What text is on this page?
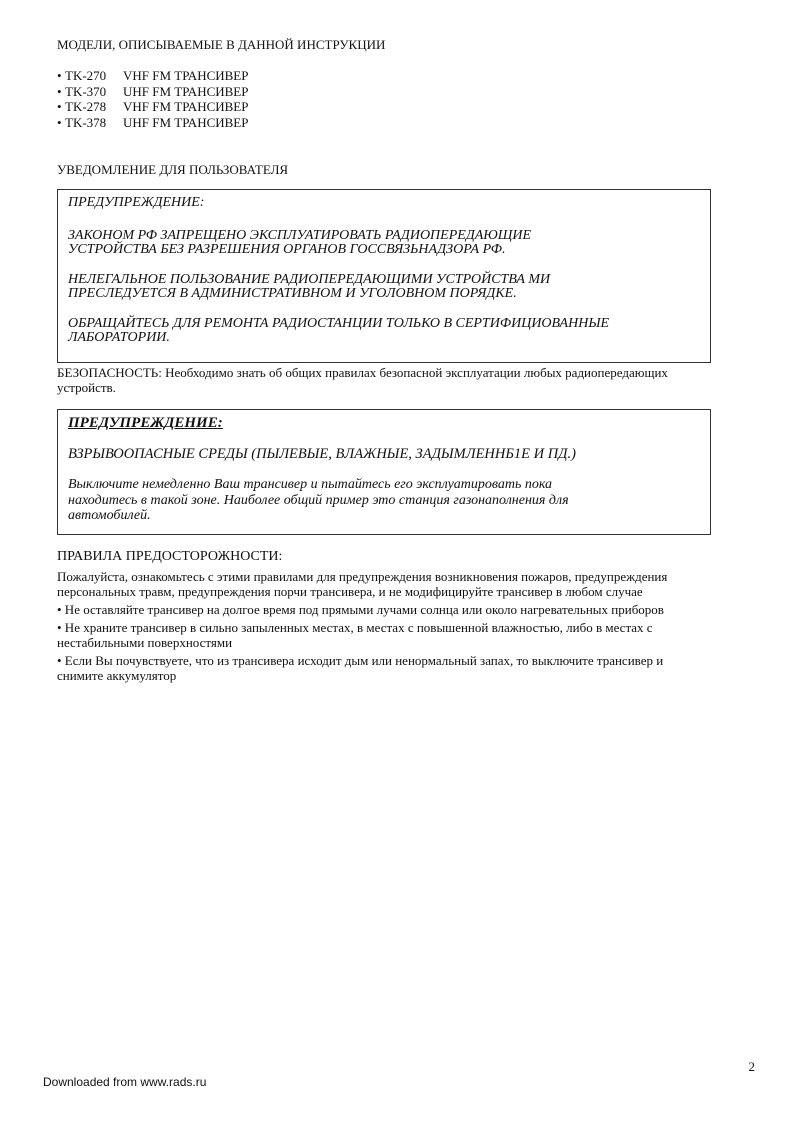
МОДЕЛИ, ОПИСЫВАЕМЫЕ В ДАННОЙ ИНСТРУКЦИИ
• TK-270	VHF FM ТРАНСИВЕР
• TK-370	UHF FM ТРАНСИВЕР
• TK-278	VHF FM ТРАНСИВЕР
• TK-378	UHF FM ТРАНСИВЕР
УВЕДОМЛЕНИЕ ДЛЯ ПОЛЬЗОВАТЕЛЯ

ПРЕДУПРЕЖДЕНИЕ:

ЗАКОНОМ РФ ЗАПРЕЩЕНО ЭКСПЛУАТИРОВАТЬ РАДИОПЕРЕДАЮЩИЕ

УСТРОЙСТВА БЕЗ РАЗРЕШЕНИЯ ОРГАНОВ ГОССВЯЗЬНАДЗОРА РФ.

НЕЛЕГАЛЬНОЕ ПОЛЬЗОВАНИЕ РАДИОПЕРЕДАЮЩИМИ УСТРОЙСТВА МИ

ПРЕСЛЕДУЕТСЯ В АДМИНИСТРАТИВНОМ И УГОЛОВНОМ ПОРЯДКЕ.

ОБРАЩАЙТЕСЬ ДЛЯ РЕМОНТА РАДИОСТАНЦИИ ТОЛЬКО В СЕРТИФИЦИОВАННЫЕ

ЛАБОРАТОРИИ.

БЕЗОПАСНОСТЬ: Необходимо знать об общих правилах безопасной эксплуатации любых радиопередающих
устройств.
ПРЕДУПРЕЖДЕНИЕ:
ВЗРЫВООПАСНЫЕ СРЕДЫ (ПЫЛЕВЫЕ, ВЛАЖНЫЕ, ЗАДЫМЛЕННБ1Е И ПД.)

Выключите немедленно Ваш трансивер и пытайтесь его эксплуатировать пока

находитесь в такой зоне. Наиболее общий пример это станция газонаполнения для

автомобилей.

ПРАВИЛА ПРЕДОСТОРОЖНОСТИ:

Пожалуйста, ознакомьтесь с этими правилами для предупреждения возникновения пожаров, предупреждения
персональных травм, предупреждения порчи трансивера, и не модифицируйте трансивер в любом случае

• Не оставляйте трансивер на долгое время под прямыми лучами солнца или около нагревательных приборов

• Не храните трансивер в сильно запыленных местах, в местах с повышенной влажностью, либо в местах с
нестабильными поверхностями

• Если Вы почувствуете, что из трансивера исходит дым или ненормальный запах, то выключите трансивер и
снимите аккумулятор

2
Downloaded from www.rads.ru
